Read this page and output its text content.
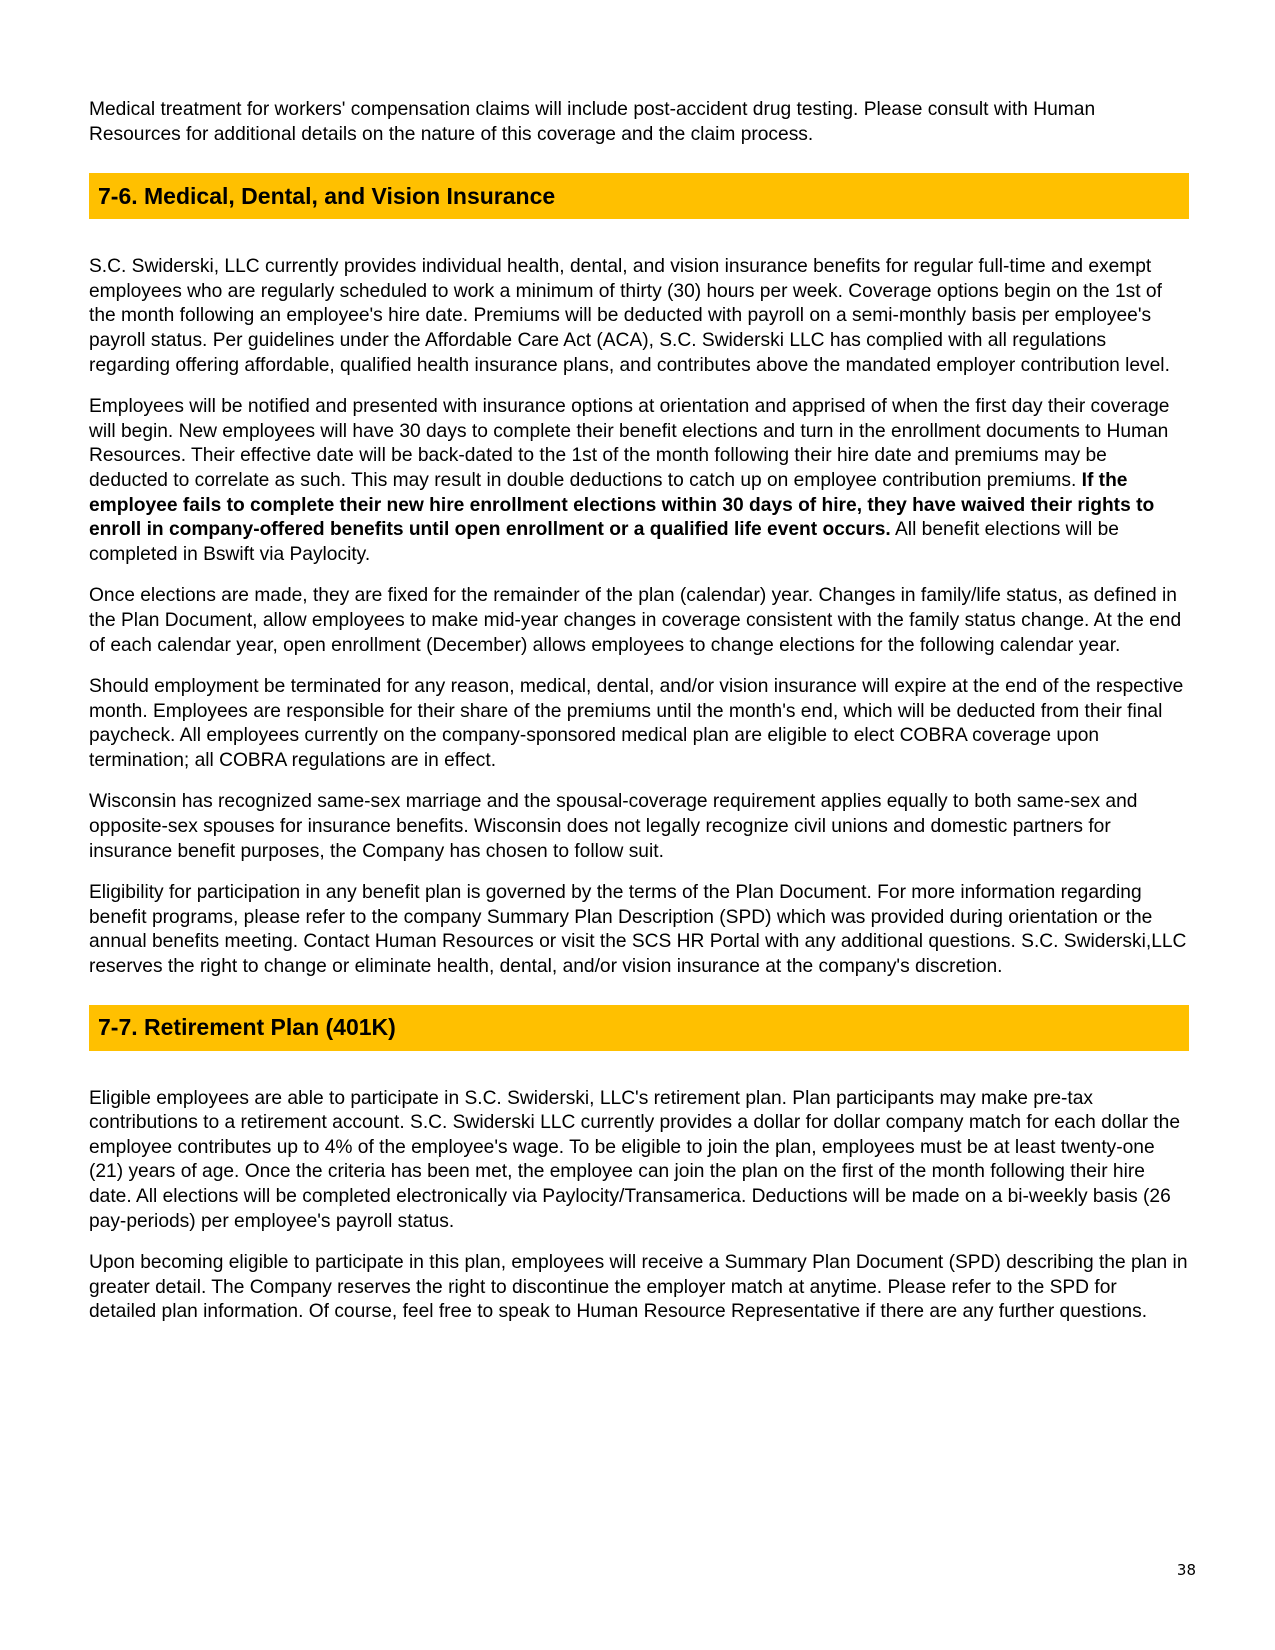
Medical treatment for workers' compensation claims will include post-accident drug testing. Please consult with Human Resources for additional details on the nature of this coverage and the claim process.

7-6. Medical, Dental, and Vision Insurance

S.C. Swiderski, LLC currently provides individual health, dental, and vision insurance benefits for regular full-time and exempt employees who are regularly scheduled to work a minimum of thirty (30) hours per week. Coverage options begin on the 1st of the month following an employee's hire date. Premiums will be deducted with payroll on a semi-monthly basis per employee's payroll status. Per guidelines under the Affordable Care Act (ACA), S.C. Swiderski LLC has complied with all regulations regarding offering affordable, qualified health insurance plans, and contributes above the mandated employer contribution level.

Employees will be notified and presented with insurance options at orientation and apprised of when the first day their coverage will begin. New employees will have 30 days to complete their benefit elections and turn in the enrollment documents to Human Resources. Their effective date will be back-dated to the 1st of the month following their hire date and premiums may be deducted to correlate as such. This may result in double deductions to catch up on employee contribution premiums. If the employee fails to complete their new hire enrollment elections within 30 days of hire, they have waived their rights to enroll in company-offered benefits until open enrollment or a qualified life event occurs. All benefit elections will be completed in Bswift via Paylocity.

Once elections are made, they are fixed for the remainder of the plan (calendar) year. Changes in family/life status, as defined in the Plan Document, allow employees to make mid-year changes in coverage consistent with the family status change. At the end of each calendar year, open enrollment (December) allows employees to change elections for the following calendar year.

Should employment be terminated for any reason, medical, dental, and/or vision insurance will expire at the end of the respective month. Employees are responsible for their share of the premiums until the month's end, which will be deducted from their final paycheck. All employees currently on the company-sponsored medical plan are eligible to elect COBRA coverage upon termination; all COBRA regulations are in effect.

Wisconsin has recognized same-sex marriage and the spousal-coverage requirement applies equally to both same-sex and opposite-sex spouses for insurance benefits. Wisconsin does not legally recognize civil unions and domestic partners for insurance benefit purposes, the Company has chosen to follow suit.

Eligibility for participation in any benefit plan is governed by the terms of the Plan Document. For more information regarding benefit programs, please refer to the company Summary Plan Description (SPD) which was provided during orientation or the annual benefits meeting. Contact Human Resources or visit the SCS HR Portal with any additional questions. S.C. Swiderski,LLC reserves the right to change or eliminate health, dental, and/or vision insurance at the company's discretion.

7-7. Retirement Plan (401K)

Eligible employees are able to participate in S.C. Swiderski, LLC's retirement plan. Plan participants may make pre-tax contributions to a retirement account. S.C. Swiderski LLC currently provides a dollar for dollar company match for each dollar the employee contributes up to 4% of the employee's wage. To be eligible to join the plan, employees must be at least twenty-one (21) years of age. Once the criteria has been met, the employee can join the plan on the first of the month following their hire date. All elections will be completed electronically via Paylocity/Transamerica. Deductions will be made on a bi-weekly basis (26 pay-periods) per employee's payroll status.

Upon becoming eligible to participate in this plan, employees will receive a Summary Plan Document (SPD) describing the plan in greater detail. The Company reserves the right to discontinue the employer match at anytime. Please refer to the SPD for detailed plan information. Of course, feel free to speak to Human Resource Representative if there are any further questions.

38
